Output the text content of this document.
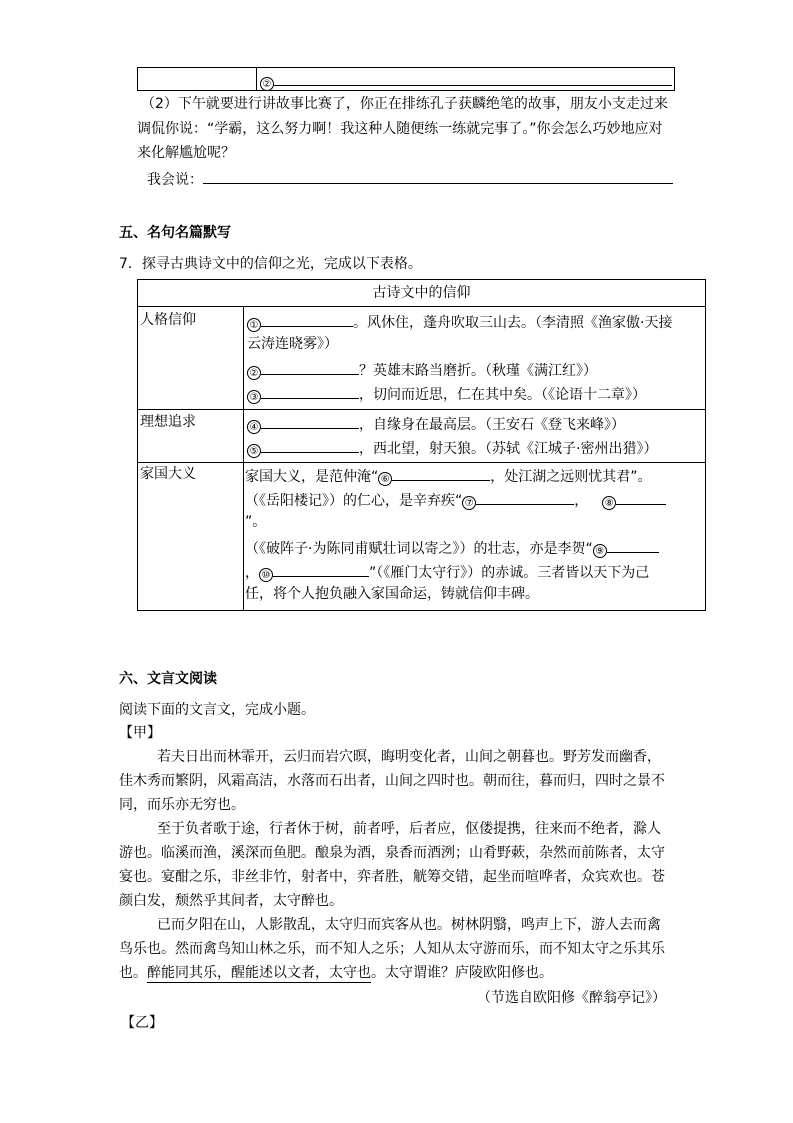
②
（2）下午就要进行讲故事比赛了，你正在排练孔子获麟绝笔的故事，朋友小支走过来
调侃你说：“学霸，这么努力啊！我这种人随便练一练就完事了。”你会怎么巧妙地应对
来化解尴尬呢？
我会说：
五、名句名篇默写
7．探寻古典诗文中的信仰之光，完成以下表格。
古诗文中的信仰
人格信仰	①	。风休住，蓬舟吹取三山去。（李清照《渔家傲·天接
云涛连晓雾》）
②	？英雄末路当磨折。（秋瑾《满江红》）
③	，切问而近思，仁在其中矣。（《论语十二章》）
理想追求	④	，自缘身在最高层。（王安石《登飞来峰》）
⑤	，西北望，射天狼。（苏轼《江城子·密州出猎》）
家国大义	家国大义，是范仲淹“ ⑥	，处江湖之远则忧其君”。
（《岳阳楼记》）的仁心，是辛弃疾“ ⑦	， ⑧
”。
（《破阵子·为陈同甫赋壮词以寄之》）的壮志，亦是李贺“ ⑨
， ⑩	”（《雁门太守行》）的赤诚。三者皆以天下为己
任，将个人抱负融入家国命运，铸就信仰丰碑。
六、文言文阅读
阅读下面的文言文，完成小题。
【甲】
若夫日出而林霏开，云归而岩穴暝，晦明变化者，山间之朝暮也。野芳发而幽香，
佳木秀而繁阴，风霜高洁，水落而石出者，山间之四时也。朝而往，暮而归，四时之景不
同，而乐亦无穷也。
至于负者歌于途，行者休于树，前者呼，后者应，伛偻提携，往来而不绝者，滁人
游也。临溪而渔，溪深而鱼肥。酿泉为酒，泉香而酒洌；山肴野蔌，杂然而前陈者，太守
宴也。宴酣之乐，非丝非竹，射者中，弈者胜，觥筹交错，起坐而喧哗者，众宾欢也。苍
颜白发，颓然乎其间者，太守醉也。
已而夕阳在山，人影散乱，太守归而宾客从也。树林阴翳，鸣声上下，游人去而禽
鸟乐也。然而禽鸟知山林之乐，而不知人之乐；人知从太守游而乐，而不知太守之乐其乐
也。醉能同其乐，醒能述以文者，太守也。太守谓谁？庐陵欧阳修也。
（节选自欧阳修《醉翁亭记》）
【乙】
